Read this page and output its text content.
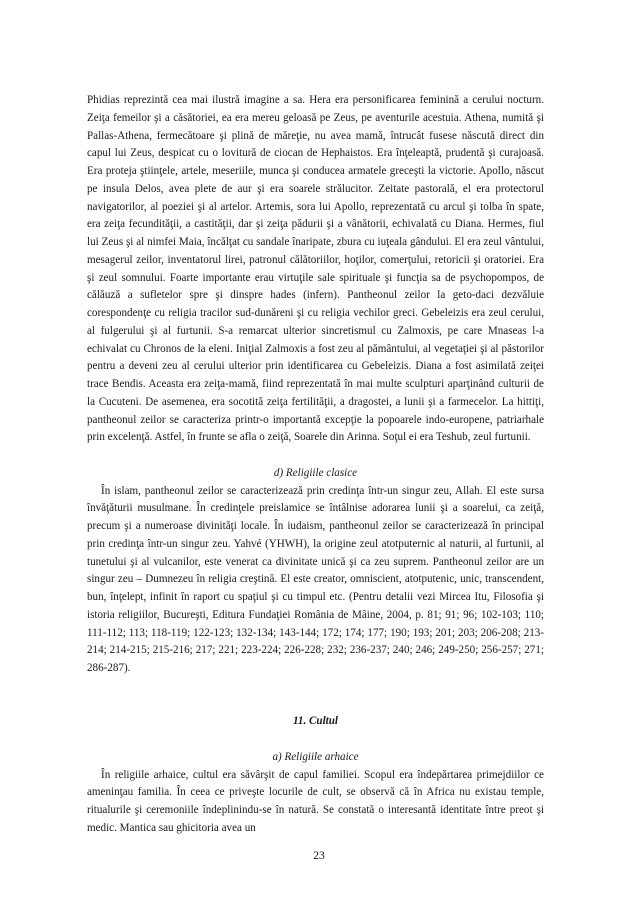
Phidias reprezintă cea mai ilustră imagine a sa. Hera era personificarea feminină a cerului nocturn. Zeiţa femeilor şi a căsătoriei, ea era mereu geloasă pe Zeus, pe aventurile acestuia. Athena, numită şi Pallas-Athena, fermecătoare şi plină de măreţie, nu avea mamă, întrucât fusese născută direct din capul lui Zeus, despicat cu o lovitură de ciocan de Hephaistos. Era înţeleaptă, prudentă şi curajoasă. Era proteja ştiinţele, artele, meseriile, munca şi conducea armatele greceşti la victorie. Apollo, născut pe insula Delos, avea plete de aur şi era soarele strălucitor. Zeitate pastorală, el era protectorul navigatorilor, al poeziei şi al artelor. Artemis, sora lui Apollo, reprezentată cu arcul şi tolba în spate, era zeiţa fecundităţii, a castităţii, dar şi zeiţa pădurii şi a vânătorii, echivalată cu Diana. Hermes, fiul lui Zeus şi al nimfei Maia, încălţat cu sandale înaripate, zbura cu iuţeala gândului. El era zeul vântului, mesagerul zeilor, inventatorul lirei, patronul călătoriilor, hoţilor, comerţului, retoricii şi oratoriei. Era şi zeul somnului. Foarte importante erau virtuţile sale spirituale şi funcţia sa de psychopompos, de călăuză a sufletelor spre şi dinspre hades (infern). Pantheonul zeilor la geto-daci dezvăluie corespondenţe cu religia tracilor sud-dunăreni şi cu religia vechilor greci. Gebeleizis era zeul cerului, al fulgerului şi al furtunii. S-a remarcat ulterior sincretismul cu Zalmoxis, pe care Mnaseas l-a echivalat cu Chronos de la eleni. Iniţial Zalmoxis a fost zeu al pământului, al vegetaţiei şi al păstorilor pentru a deveni zeu al cerului ulterior prin identificarea cu Gebeleizis. Diana a fost asimilată zeiţei trace Bendis. Aceasta era zeiţa-mamă, fiind reprezentată în mai multe sculpturi aparţinând culturii de la Cucuteni. De asemenea, era socotită zeiţa fertilităţii, a dragostei, a lunii şi a farmecelor. La hittiţi, pantheonul zeilor se caracteriza printr-o importantă excepţie la popoarele indo-europene, patriarhale prin excelenţă. Astfel, în frunte se afla o zeiţă, Soarele din Arinna. Soţul ei era Teshub, zeul furtunii.

d) Religiile clasice

În islam, pantheonul zeilor se caracterizează prin credinţa într-un singur zeu, Allah. El este sursa învăţăturii musulmane. În credinţele preislamice se întâlnise adorarea lunii şi a soarelui, ca zeiţă, precum şi a numeroase divinităţi locale. În iudaism, pantheonul zeilor se caracterizează în principal prin credinţa într-un singur zeu. Yahvé (YHWH), la origine zeul atotputernic al naturii, al furtunii, al tunetului şi al vulcanilor, este venerat ca divinitate unică şi ca zeu suprem. Pantheonul zeilor are un singur zeu – Dumnezeu în religia creştină. El este creator, omniscient, atotputenic, unic, transcendent, bun, înţelept, infinit în raport cu spaţiul şi cu timpul etc. (Pentru detalii vezi Mircea Itu, Filosofia şi istoria religiilor, Bucureşti, Editura Fundaţiei România de Mâine, 2004, p. 81; 91; 96; 102-103; 110; 111-112; 113; 118-119; 122-123; 132-134; 143-144; 172; 174; 177; 190; 193; 201; 203; 206-208; 213-214; 214-215; 215-216; 217; 221; 223-224; 226-228; 232; 236-237; 240; 246; 249-250; 256-257; 271; 286-287).

11. Cultul

a) Religiile arhaice

În religiile arhaice, cultul era săvârşit de capul familiei. Scopul era îndepărtarea primejdiilor ce ameninţau familia. În ceea ce priveşte locurile de cult, se observă că în Africa nu existau temple, ritualurile şi ceremoniile îndeplinindu-se în natură. Se constată o interesantă identitate între preot şi medic. Mantica sau ghicitoria avea un

23
